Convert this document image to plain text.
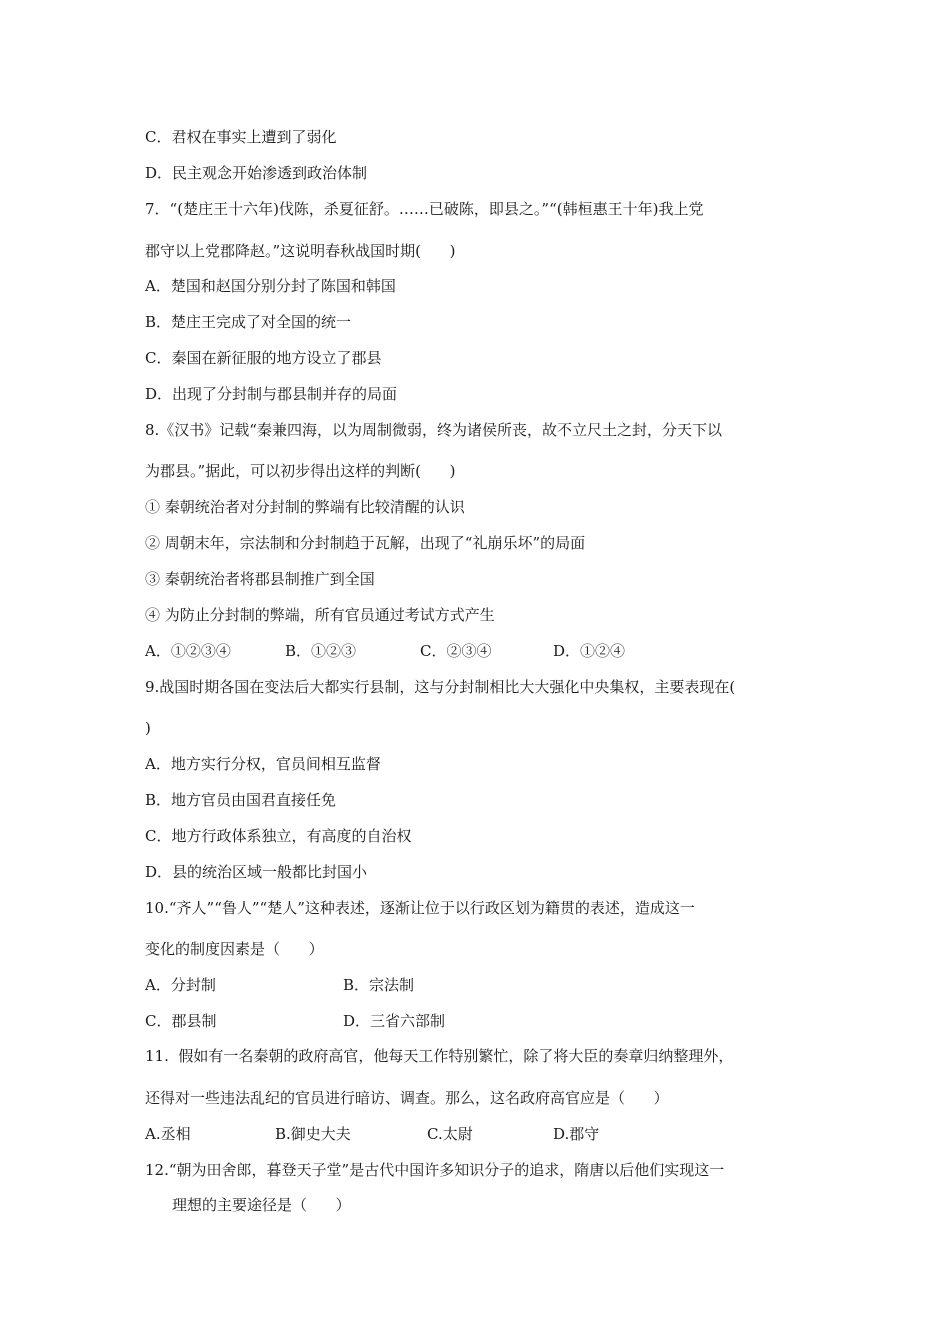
C．君权在事实上遭到了弱化
D．民主观念开始渗透到政治体制
7．“(楚庄王十六年)伐陈，杀夏征舒。……已破陈，即县之。”“(韩桓惠王十年)我上党
郡守以上党郡降赵。”这说明春秋战国时期(      )
A．楚国和赵国分别分封了陈国和韩国
B．楚庄王完成了对全国的统一
C．秦国在新征服的地方设立了郡县
D．出现了分封制与郡县制并存的局面
8.《汉书》记载“秦兼四海，以为周制微弱，终为诸侯所丧，故不立尺土之封，分天下以
为郡县。”据此，可以初步得出这样的判断(      )
① 秦朝统治者对分封制的弊端有比较清醒的认识
② 周朝末年，宗法制和分封制趋于瓦解，出现了“礼崩乐坏”的局面
③ 秦朝统治者将郡县制推广到全国
④ 为防止分封制的弊端，所有官员通过考试方式产生

A．①②③④

	B．①②③

	C．②③④

	D．①②④

9.战国时期各国在变法后大都实行县制，这与分封制相比大大强化中央集权，主要表现在(
)
A．地方实行分权，官员间相互监督
B．地方官员由国君直接任免
C．地方行政体系独立，有高度的自治权
D．县的统治区域一般都比封国小
10.“齐人”“鲁人”“楚人”这种表述，逐渐让位于以行政区划为籍贯的表述，造成这一
变化的制度因素是（      ）

A．分封制

	B．宗法制

C．郡县制

	D．三省六部制

11.  假如有一名秦朝的政府高官，他每天工作特别繁忙，除了将大臣的奏章归纳整理外，
还得对一些违法乱纪的官员进行暗访、调查。那么，这名政府高官应是（      ）

A.丞相

	B.御史大夫

	C.太尉

	D.郡守

12.“朝为田舍郎，暮登天子堂”是古代中国许多知识分子的追求，隋唐以后他们实现这一
理想的主要途径是（      ）
